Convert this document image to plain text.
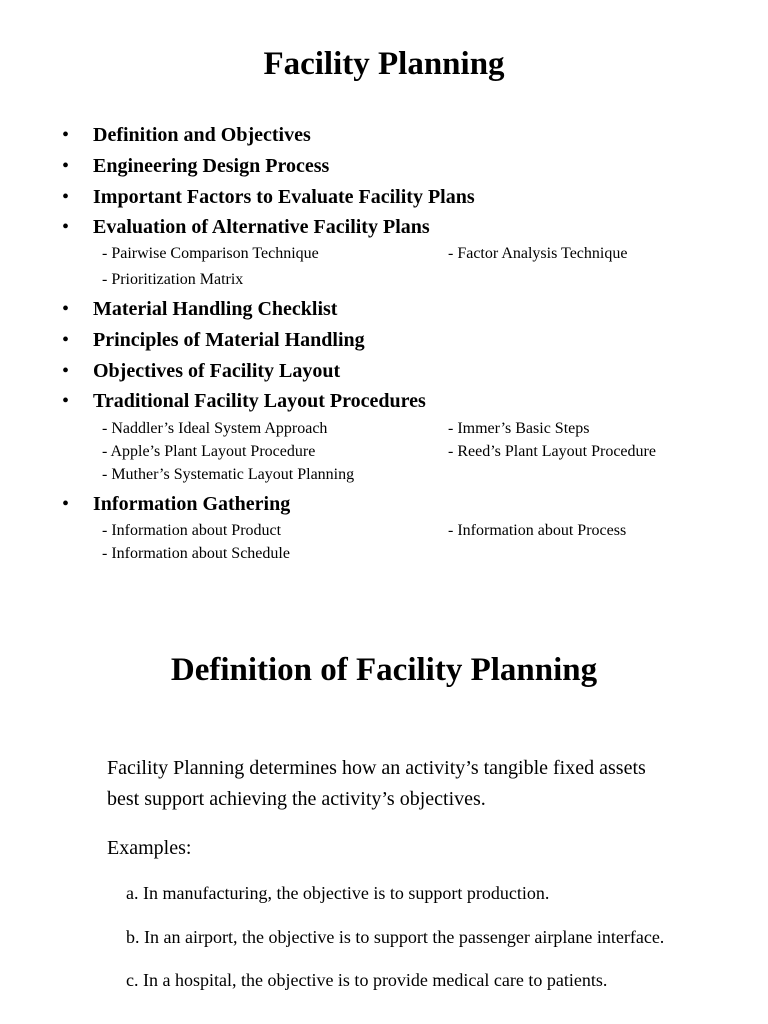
Facility Planning
• Definition and Objectives
• Engineering Design Process
• Important Factors to Evaluate Facility Plans
• Evaluation of Alternative Facility Plans
- Pairwise Comparison Technique	- Factor Analysis Technique
- Prioritization Matrix
• Material Handling Checklist
• Principles of Material Handling
• Objectives of Facility Layout
• Traditional Facility Layout Procedures
- Naddler’s Ideal System Approach	- Immer’s Basic Steps
- Apple’s Plant Layout Procedure	- Reed’s Plant Layout Procedure
- Muther’s Systematic Layout Planning
• Information Gathering
- Information about Product	- Information about Process
- Information about Schedule
Definition of Facility Planning
Facility Planning determines how an activity’s tangible fixed assets
best support achieving the activity’s objectives.
Examples:
a. In manufacturing, the objective is to support production.
b. In an airport, the objective is to support the passenger airplane interface.
c. In a hospital, the objective is to provide medical care to patients.
